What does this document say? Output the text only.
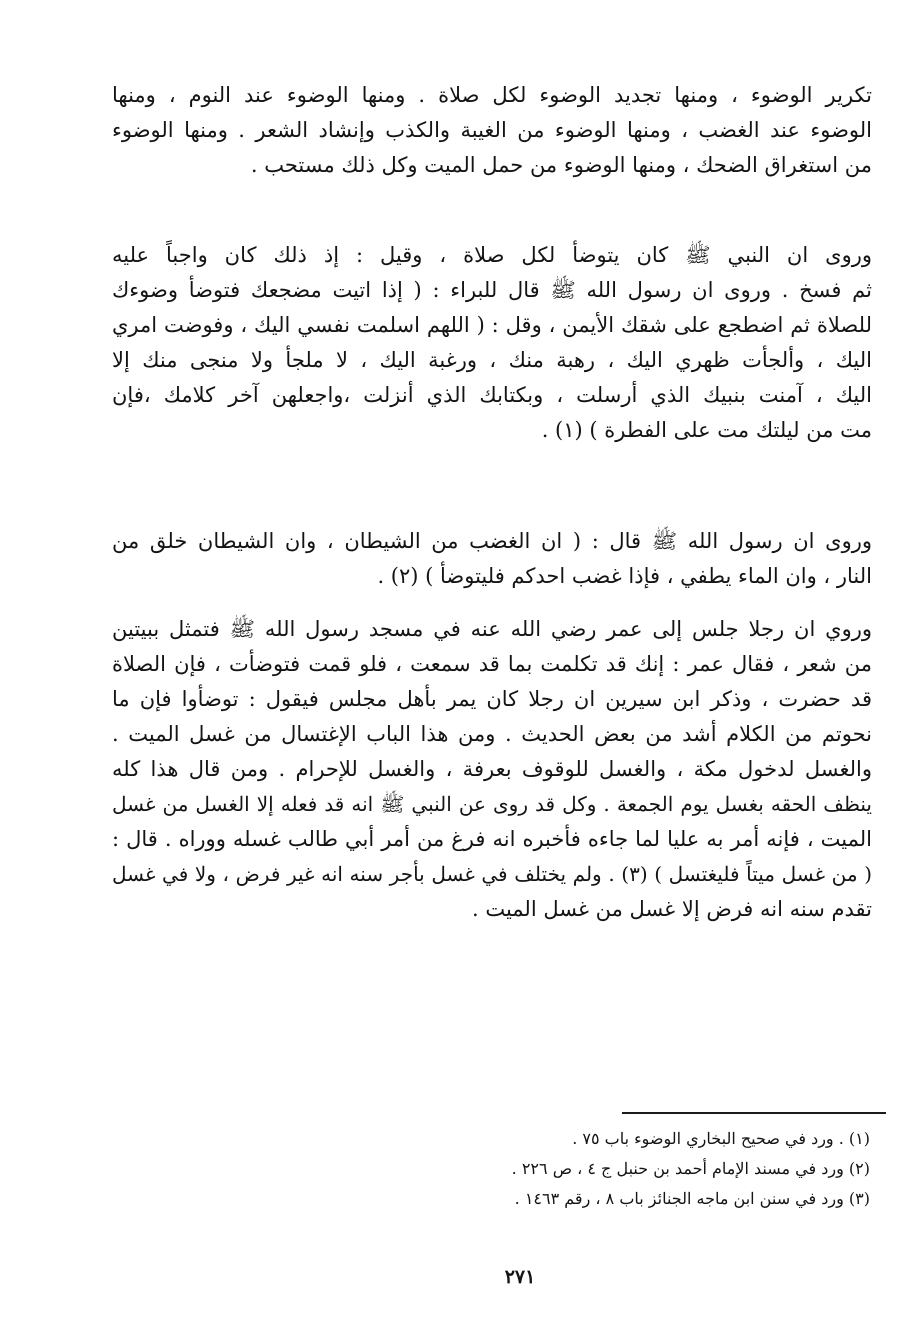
تكرير الوضوء ، ومنها تجديد الوضوء لكل صلاة . ومنها الوضوء عند النوم ، ومنها
الوضوء عند الغضب ، ومنها الوضوء من الغيبة والكذب وإنشاد الشعر . ومنها الوضوء
من استغراق الضحك ، ومنها الوضوء من حمل الميت وكل ذلك مستحب .
وروى ان النبي ﷺ كان يتوضأ لكل صلاة ، وقيل : إذ ذلك كان واجباً عليه
ثم فسخ . وروى ان رسول الله ﷺ قال للبراء : ( إذا اتيت مضجعك فتوضأ وضوءك
للصلاة ثم اضطجع على شقك الأيمن ، وقل : ( اللهم اسلمت نفسي اليك ، وفوضت امري
اليك ، وألجأت ظهري اليك ، رهبة منك ، ورغبة اليك ، لا ملجأ ولا منجى منك إلا
اليك ، آمنت بنبيك الذي أرسلت ، وبكتابك الذي أنزلت ،واجعلهن آخر كلامك ،فإن
مت من ليلتك مت على الفطرة ) (١) .
وروى ان رسول الله ﷺ قال : ( ان الغضب من الشيطان ، وان الشيطان خلق من
النار ، وان الماء يطفي ، فإذا غضب احدكم فليتوضأ ) (٢) .
وروي ان رجلا جلس إلى عمر رضي الله عنه في مسجد رسول الله ﷺ فتمثل ببيتين
من شعر ، فقال عمر : إنك قد تكلمت بما قد سمعت ، فلو قمت فتوضأت ، فإن الصلاة
قد حضرت ، وذكر ابن سيرين ان رجلا كان يمر بأهل مجلس فيقول : توضأوا فإن ما
نحوتم من الكلام أشد من بعض الحديث . ومن هذا الباب الإغتسال من غسل الميت .
والغسل لدخول مكة ، والغسل للوقوف بعرفة ، والغسل للإحرام . ومن قال هذا كله
ينظف الحقه بغسل يوم الجمعة . وكل قد روى عن النبي ﷺ انه قد فعله إلا الغسل من غسل
الميت ، فإنه أمر به عليا لما جاءه فأخبره انه فرغ من أمر أبي طالب غسله ووراه . قال :
( من غسل ميتاً فليغتسل ) (٣) . ولم يختلف في غسل بأجر سنه انه غير فرض ، ولا في غسل
تقدم سنه انه فرض إلا غسل من غسل الميت .
(١) . ورد في صحيح البخاري الوضوء باب ٧٥ .
(٢) ورد في مسند الإمام أحمد بن حنبل ج ٤ ، ص ٢٢٦ .
(٣) ورد في سنن ابن ماجه الجنائز باب ٨ ، رقم ١٤٦٣ .
٢٧١
